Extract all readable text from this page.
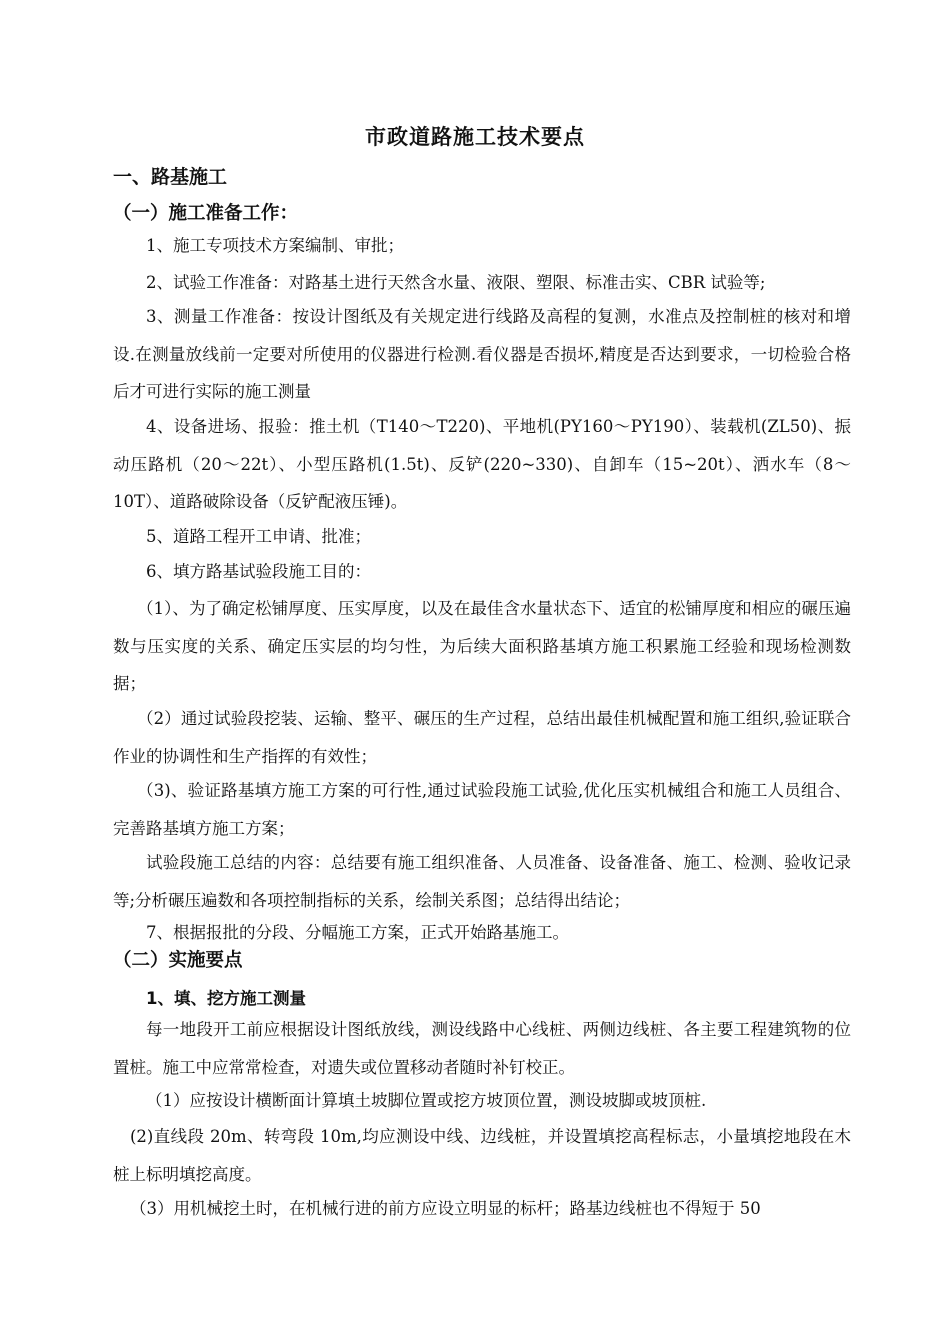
市政道路施工技术要点
一、路基施工
（一）施工准备工作：

1、施工专项技术方案编制、审批；

2、试验工作准备：对路基土进行天然含水量、液限、塑限、标准击实、CBR 试验等;

3、测量工作准备：按设计图纸及有关规定进行线路及高程的复测，水准点及控制桩的核对和增设.在测量放线前一定要对所使用的仪器进行检测.看仪器是否损坏,精度是否达到要求，一切检验合格后才可进行实际的施工测量

4、设备进场、报验：推土机（T140～T220)、平地机(PY160～PY190）、装载机(ZL50)、振动压路机（20～22t）、小型压路机(1.5t)、反铲(220~330)、自卸车（15~20t）、洒水车（8～10T）、道路破除设备（反铲配液压锤)。

5、道路工程开工申请、批准；

6、填方路基试验段施工目的：

（1）、为了确定松铺厚度、压实厚度，以及在最佳含水量状态下、适宜的松铺厚度和相应的碾压遍数与压实度的关系、确定压实层的均匀性，为后续大面积路基填方施工积累施工经验和现场检测数据；

（2）通过试验段挖装、运输、整平、碾压的生产过程，总结出最佳机械配置和施工组织,验证联合作业的协调性和生产指挥的有效性；

（3)、验证路基填方施工方案的可行性,通过试验段施工试验,优化压实机械组合和施工人员组合、完善路基填方施工方案；

试验段施工总结的内容：总结要有施工组织准备、人员准备、设备准备、施工、检测、验收记录等;分析碾压遍数和各项控制指标的关系，绘制关系图；总结得出结论；

7、根据报批的分段、分幅施工方案，正式开始路基施工。

（二）实施要点
1、填、挖方施工测量

每一地段开工前应根据设计图纸放线，测设线路中心线桩、两侧边线桩、各主要工程建筑物的位置桩。施工中应常常检查，对遗失或位置移动者随时补钉校正。

（1）应按设计横断面计算填土坡脚位置或挖方坡顶位置，测设坡脚或坡顶桩.

(2)直线段 20m、转弯段 10m,均应测设中线、边线桩，并设置填挖高程标志，小量填挖地段在木桩上标明填挖高度。

（3）用机械挖土时，在机械行进的前方应设立明显的标杆；路基边线桩也不得短于 50
